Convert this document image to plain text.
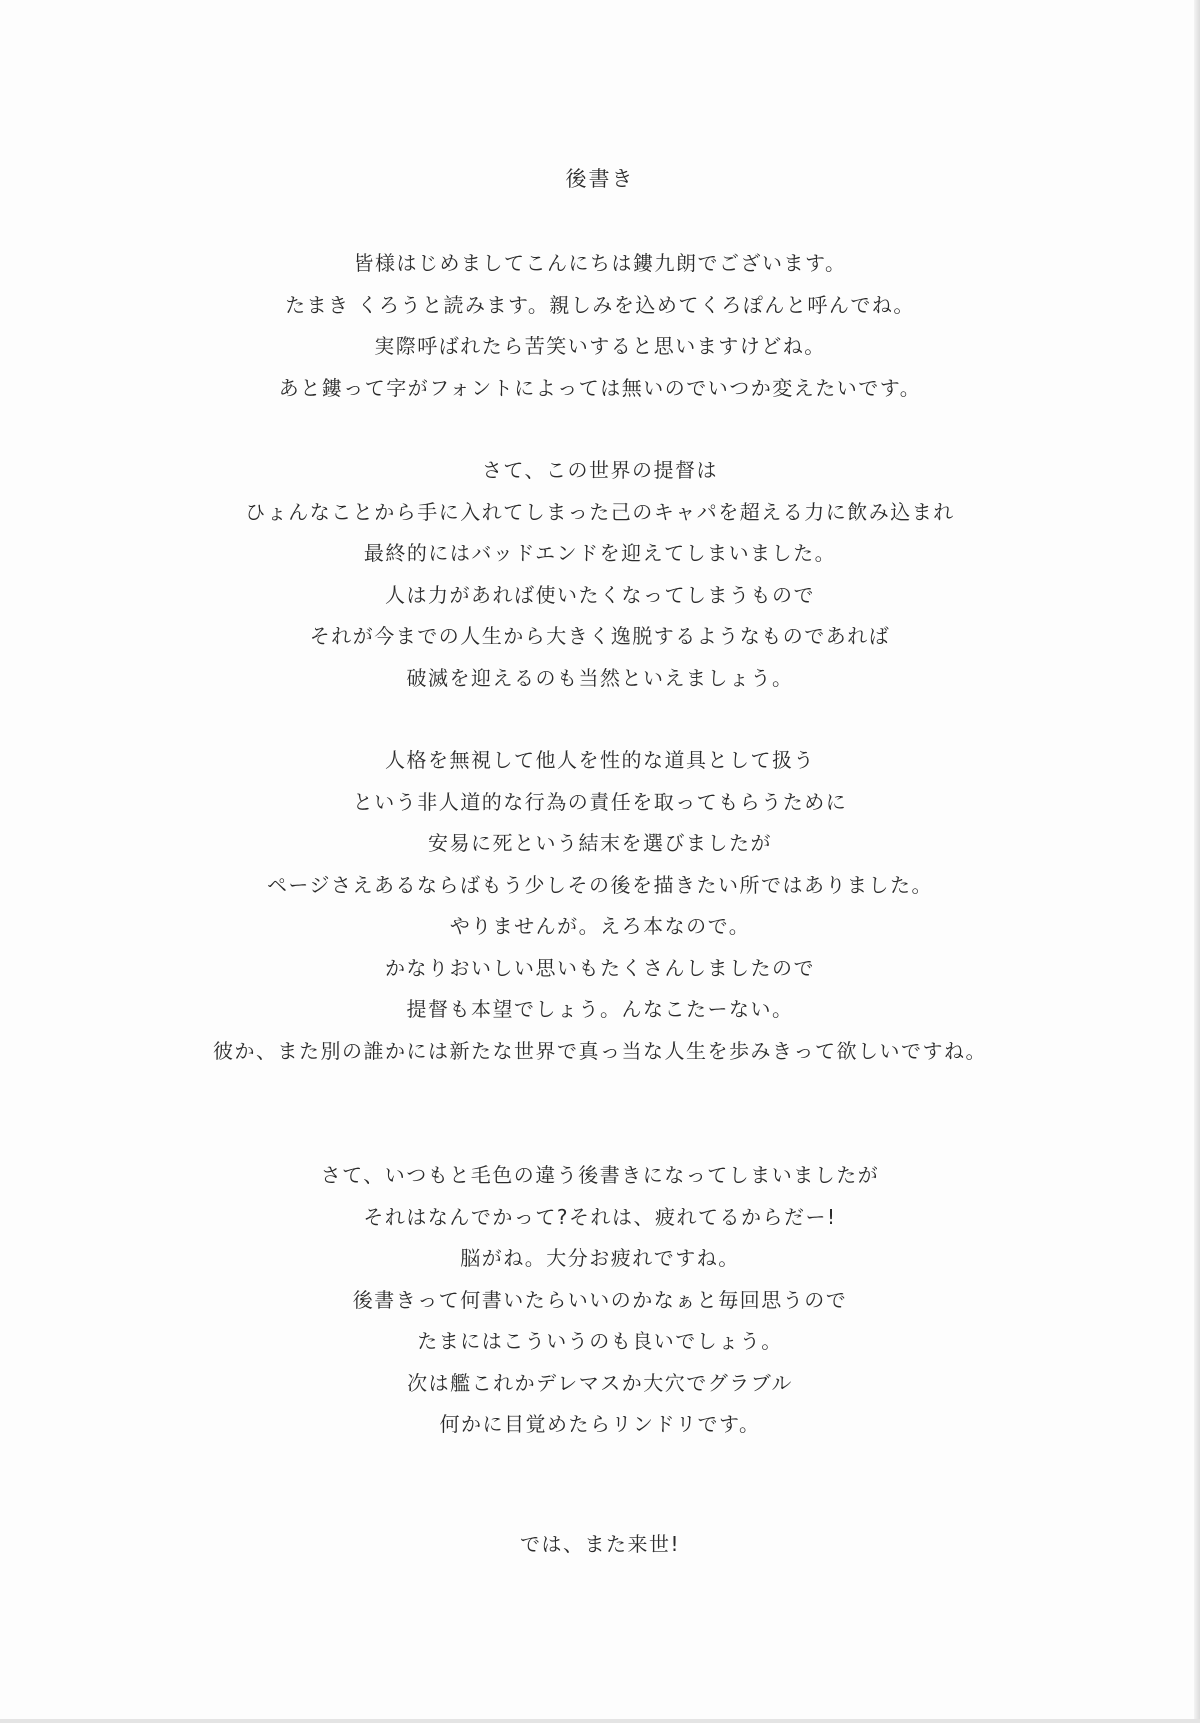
後書き
皆様はじめましてこんにちは鏤九朗でございます。
たまき くろうと読みます。親しみを込めてくろぽんと呼んでね。
実際呼ばれたら苦笑いすると思いますけどね。
あと鏤って字がフォントによっては無いのでいつか変えたいです。
さて、この世界の提督は
ひょんなことから手に入れてしまった己のキャパを超える力に飲み込まれ
最終的にはバッドエンドを迎えてしまいました。
人は力があれば使いたくなってしまうもので
それが今までの人生から大きく逸脱するようなものであれば
破滅を迎えるのも当然といえましょう。
人格を無視して他人を性的な道具として扱う
という非人道的な行為の責任を取ってもらうために
安易に死という結末を選びましたが
ページさえあるならばもう少しその後を描きたい所ではありました。
やりませんが。えろ本なので。
かなりおいしい思いもたくさんしましたので
提督も本望でしょう。んなこたーない。
彼か、また別の誰かには新たな世界で真っ当な人生を歩みきって欲しいですね。
さて、いつもと毛色の違う後書きになってしまいましたが
それはなんでかって?それは、疲れてるからだー!
脳がね。大分お疲れですね。
後書きって何書いたらいいのかなぁと毎回思うので
たまにはこういうのも良いでしょう。
次は艦これかデレマスか大穴でグラブル
何かに目覚めたらリンドリです。

では、また来世!
